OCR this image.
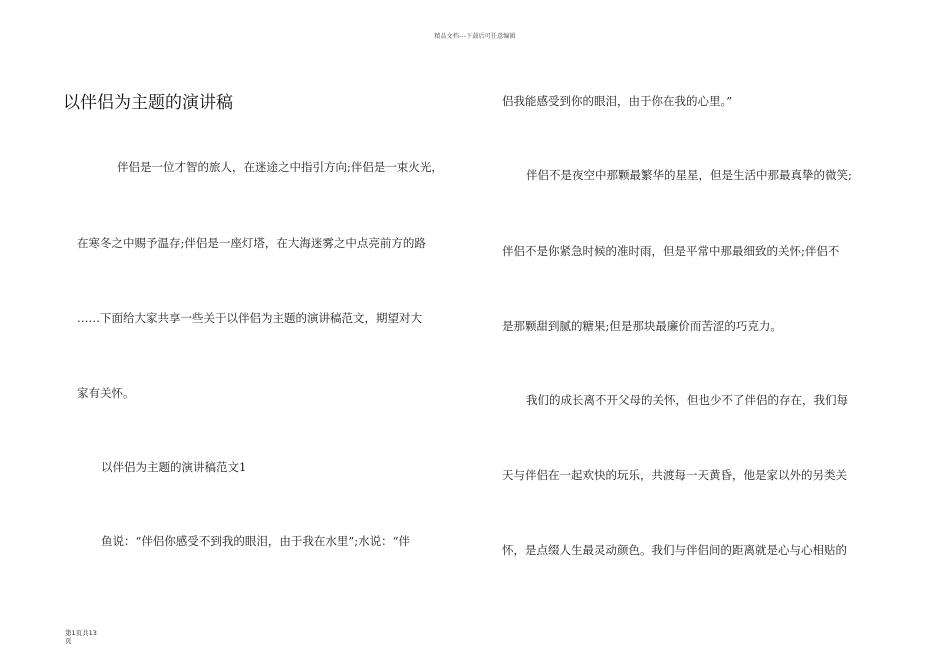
精品文档---下载后可任意编辑
以伴侣为主题的演讲稿

伴侣是一位才智的旅人，在迷途之中指引方向;伴侣是一束火光，

在寒冬之中赐予温存;伴侣是一座灯塔，在大海迷雾之中点亮前方的路

……下面给大家共享一些关于以伴侣为主题的演讲稿范文，期望对大

家有关怀。

以伴侣为主题的演讲稿范文1

鱼说：“伴侣你感受不到我的眼泪，由于我在水里”;水说：“伴

侣我能感受到你的眼泪，由于你在我的心里。”

伴侣不是夜空中那颗最繁华的星星，但是生活中那最真挚的微笑;

伴侣不是你紧急时候的准时雨，但是平常中那最细致的关怀;伴侣不

是那颗甜到腻的糖果;但是那块最廉价而苦涩的巧克力。

我们的成长离不开父母的关怀，但也少不了伴侣的存在，我们每

天与伴侣在一起欢快的玩乐，共渡每一天黄昏，他是家以外的另类关

怀，是点缀人生最灵动颜色。我们与伴侣间的距离就是心与心相贴的

第1页共13
页
